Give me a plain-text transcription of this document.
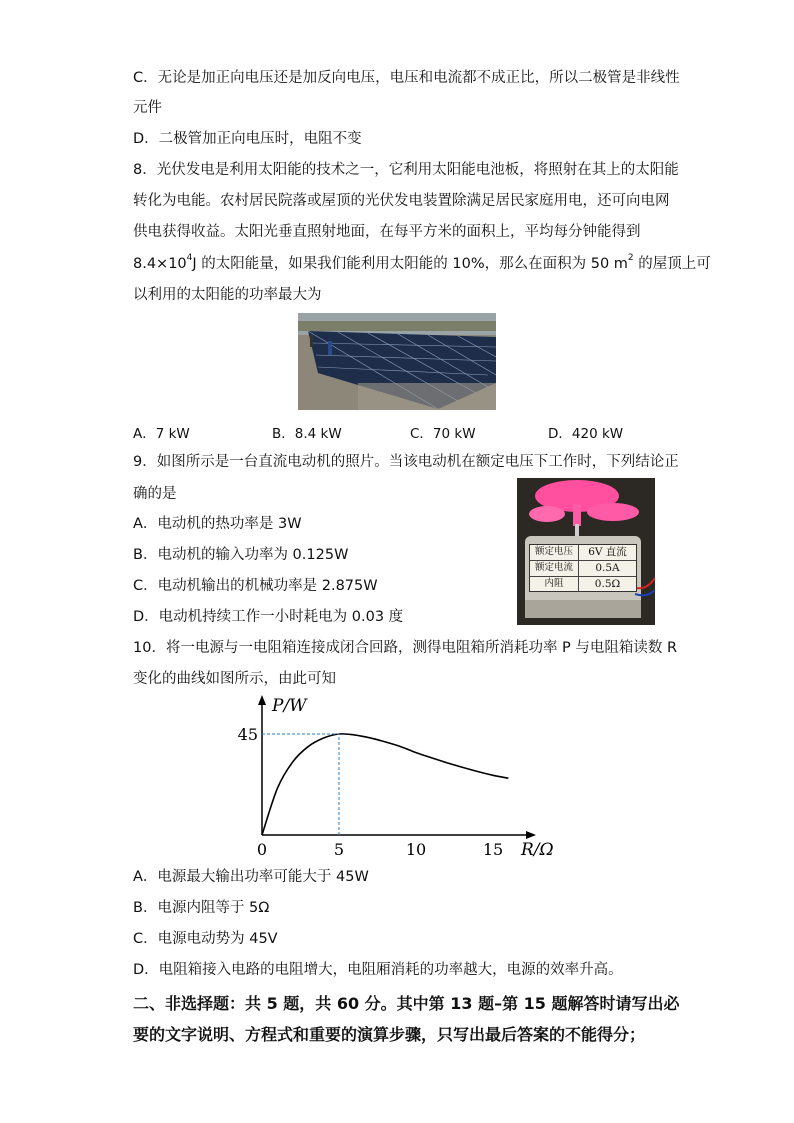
C．无论是加正向电压还是加反向电压，电压和电流都不成正比，所以二极管是非线性
元件
D．二极管加正向电压时，电阻不变
8．光伏发电是利用太阳能的技术之一，它利用太阳能电池板，将照射在其上的太阳能
转化为电能。农村居民院落或屋顶的光伏发电装置除满足居民家庭用电，还可向电网
供电获得收益。太阳光垂直照射地面，在每平方米的面积上，平均每分钟能得到
$8.4\times 10^4J$ 的太阳能量，如果我们能利用太阳能的 10%，那么在面积为 50 $m^2$ 的屋顶上可
以利用的太阳能的功率最大为
A．7 kW	B．8.4 kW	C．70 kW	D．420 kW
9．如图所示是一台直流电动机的照片。当该电动机在额定电压下工作时，下列结论正
确的是
A．电动机的热功率是 3W
B．电动机的输入功率为 0.125W
C．电动机输出的机械功率是 2.875W
D．电动机持续工作一小时耗电为 0.03 度
额定电压	6V 直流
额定电流	0.5A
内阻	0.5Ω
10．将一电源与一电阻箱连接成闭合回路，测得电阻箱所消耗功率 P 与电阻箱读数 R
变化的曲线如图所示，由此可知
P/W
R/Ω
0	5	10	15
45
A．电源最大输出功率可能大于 45W
B．电源内阻等于 5Ω
C．电源电动势为 45V
D．电阻箱接入电路的电阻增大，电阻厢消耗的功率越大，电源的效率升高。
二、非选择题：共 5 题，共 60 分。其中第 13 题–第 15 题解答时请写出必
要的文字说明、方程式和重要的演算步骤，只写出最后答案的不能得分；
